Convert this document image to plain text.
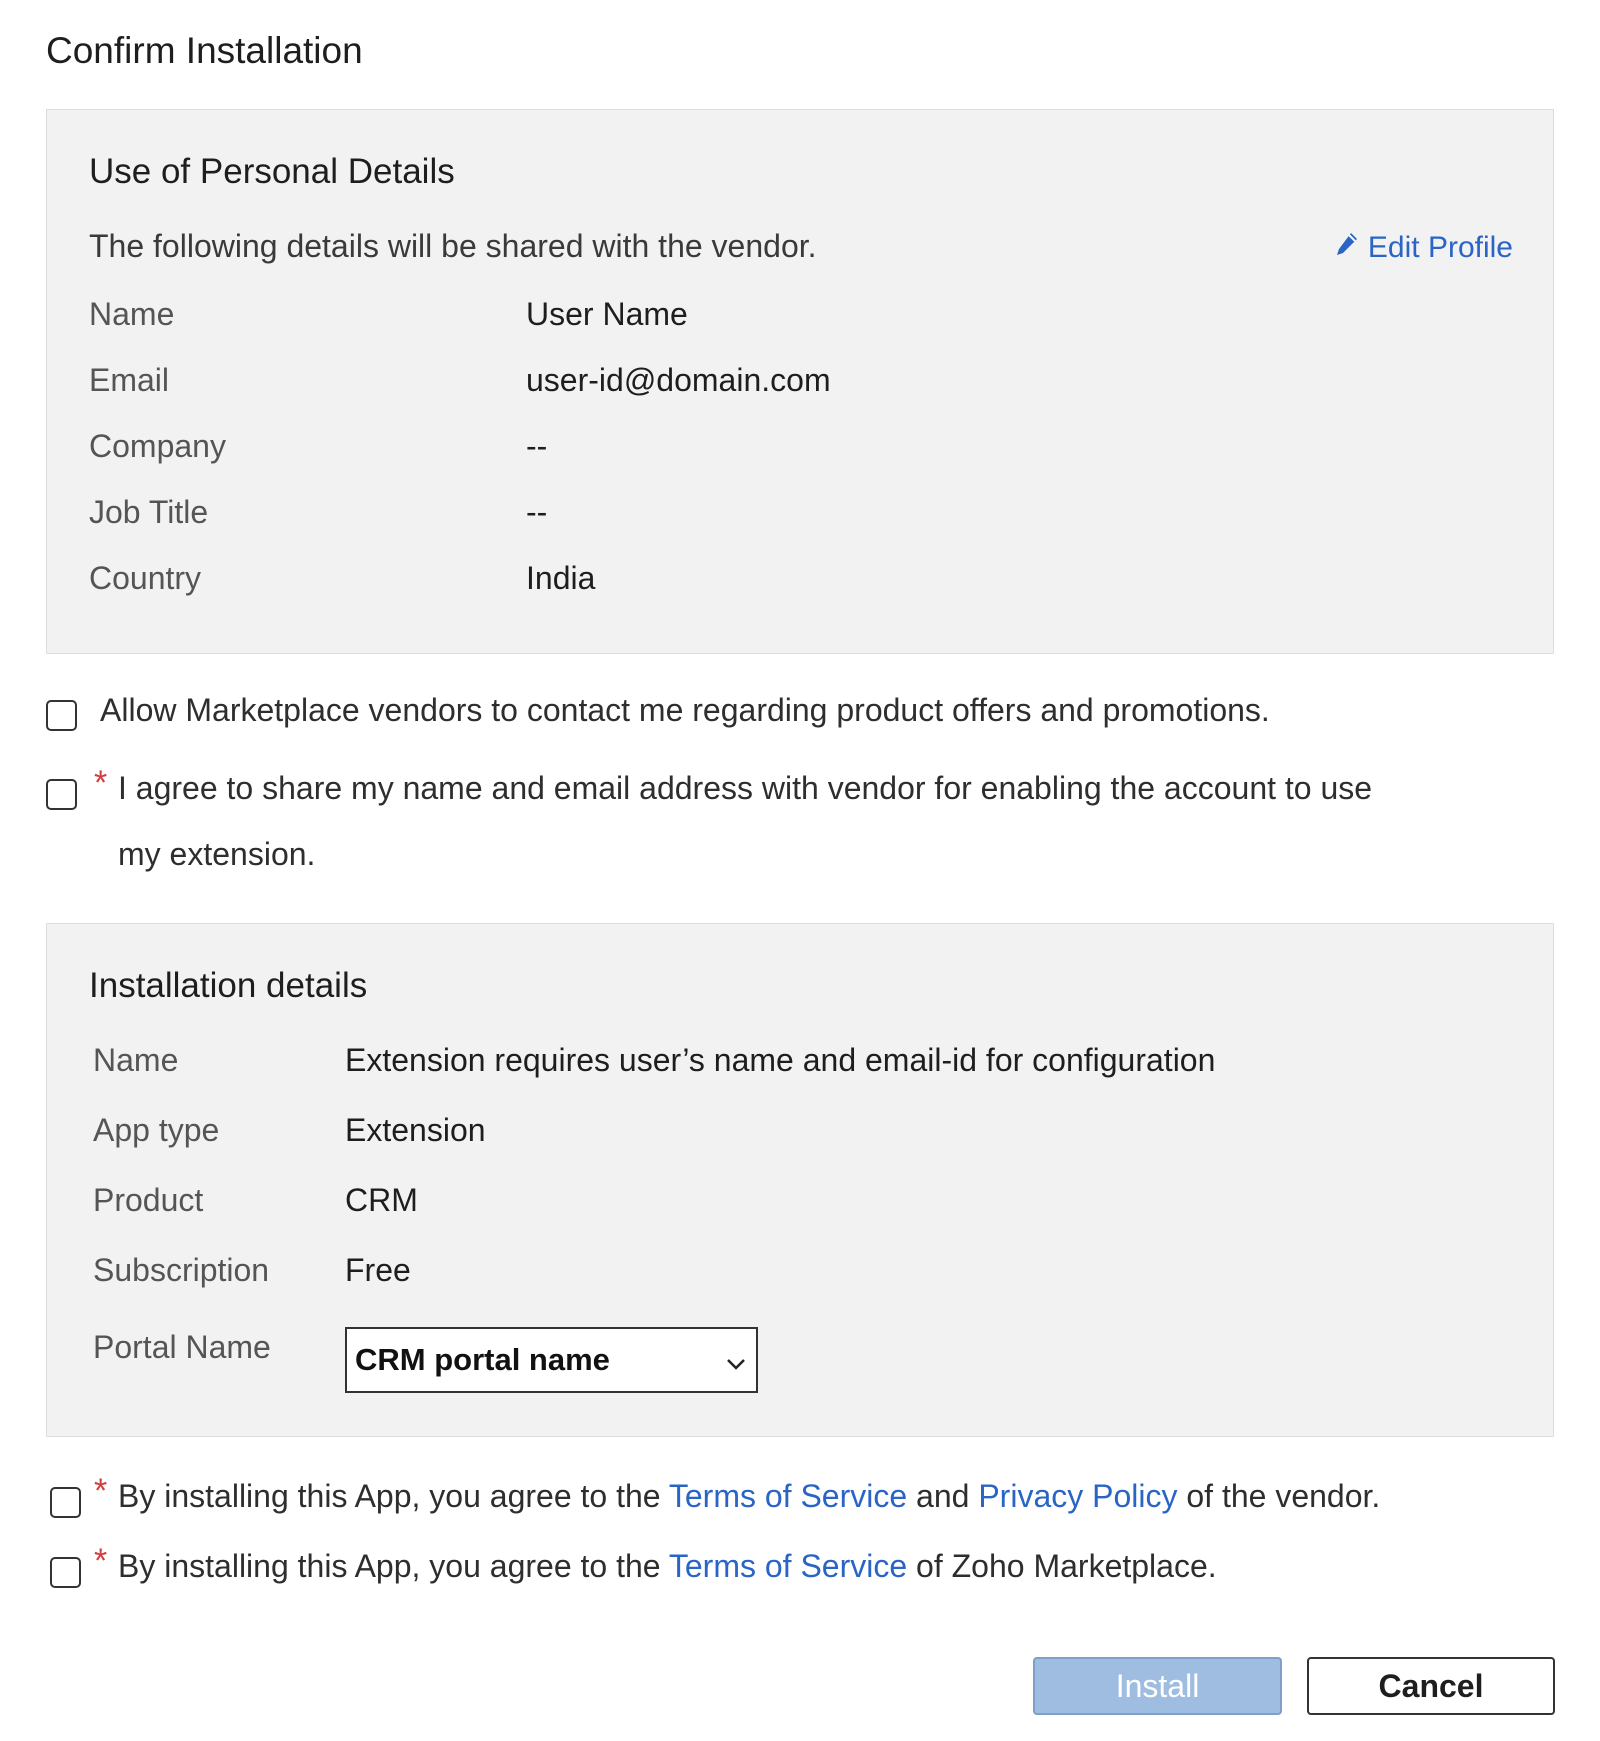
Confirm Installation
Use of Personal Details
The following details will be shared with the vendor.	Edit Profile
Name	User Name
Email	user-id@domain.com
Company	--
Job Title	--
Country	India
Allow Marketplace vendors to contact me regarding product offers and promotions.
* I agree to share my name and email address with vendor for enabling the account to use
my extension.
Installation details
Name	Extension requires user’s name and email-id for configuration
App type	Extension
Product	CRM
Subscription Free
Portal Name	CRM portal name
* By installing this App, you agree to the Terms of Service and Privacy Policy of the vendor.
* By installing this App, you agree to the Terms of Service of Zoho Marketplace.
Install	Cancel
